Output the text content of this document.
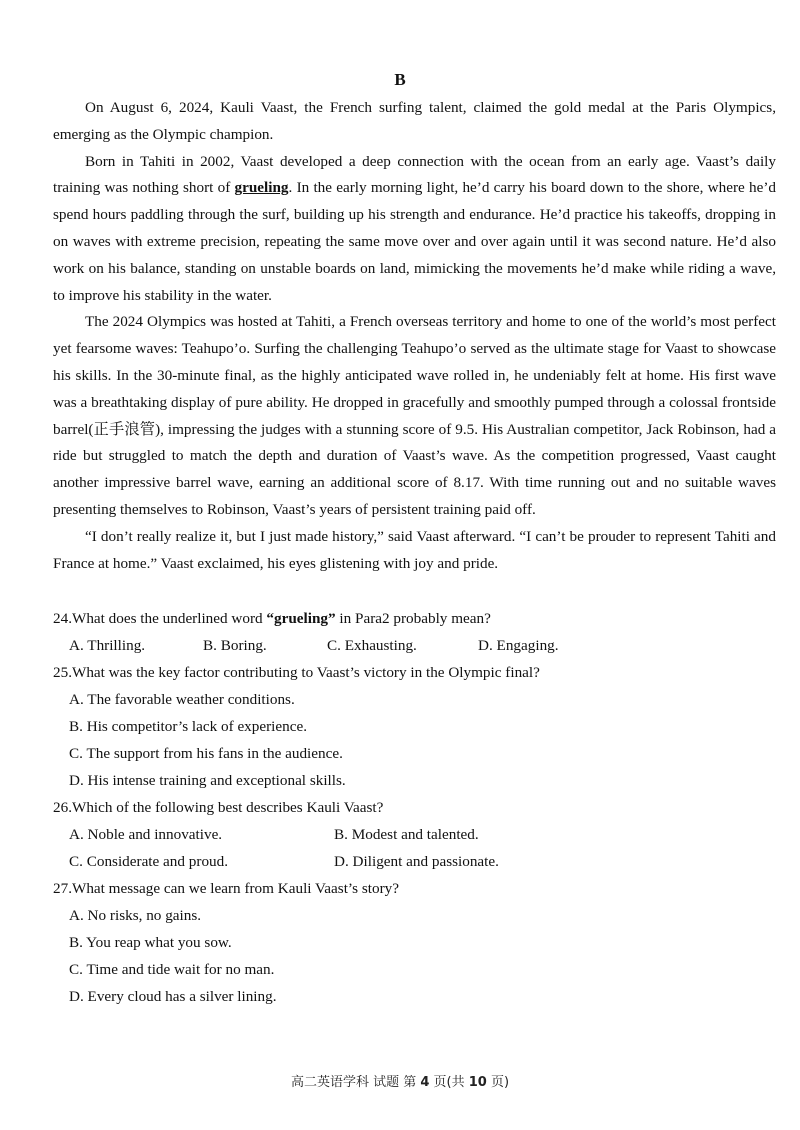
B

On August 6, 2024, Kauli Vaast, the French surfing talent, claimed the gold medal at the Paris Olympics, emerging as the Olympic champion.

Born in Tahiti in 2002, Vaast developed a deep connection with the ocean from an early age. Vaast’s daily training was nothing short of grueling. In the early morning light, he’d carry his board down to the shore, where he’d spend hours paddling through the surf, building up his strength and endurance. He’d practice his takeoffs, dropping in on waves with extreme precision, repeating the same move over and over again until it was second nature. He’d also work on his balance, standing on unstable boards on land, mimicking the movements he’d make while riding a wave, to improve his stability in the water.

The 2024 Olympics was hosted at Tahiti, a French overseas territory and home to one of the world’s most perfect yet fearsome waves: Teahupo’o. Surfing the challenging Teahupo’o served as the ultimate stage for Vaast to showcase his skills. In the 30-minute final, as the highly anticipated wave rolled in, he undeniably felt at home. His first wave was a breathtaking display of pure ability. He dropped in gracefully and smoothly pumped through a colossal frontside barrel(正手浪管), impressing the judges with a stunning score of 9.5. His Australian competitor, Jack Robinson, had a ride but struggled to match the depth and duration of Vaast’s wave. As the competition progressed, Vaast caught another impressive barrel wave, earning an additional score of 8.17. With time running out and no suitable waves presenting themselves to Robinson, Vaast’s years of persistent training paid off.

“I don’t really realize it, but I just made history,” said Vaast afterward. “I can’t be prouder to represent Tahiti and France at home.” Vaast exclaimed, his eyes glistening with joy and pride.

24.What does the underlined word “grueling” in Para2 probably mean?
A. Thrilling.	B. Boring.	C. Exhausting.	D. Engaging.
25.What was the key factor contributing to Vaast’s victory in the Olympic final?
A. The favorable weather conditions.
B. His competitor’s lack of experience.
C. The support from his fans in the audience.
D. His intense training and exceptional skills.
26.Which of the following best describes Kauli Vaast?
A. Noble and innovative.	B. Modest and talented.
C. Considerate and proud.	D. Diligent and passionate.
27.What message can we learn from Kauli Vaast’s story?
A. No risks, no gains.
B. You reap what you sow.
C. Time and tide wait for no man.
D. Every cloud has a silver lining.
高二英语学科 试题 第 4 页(共 10 页)
